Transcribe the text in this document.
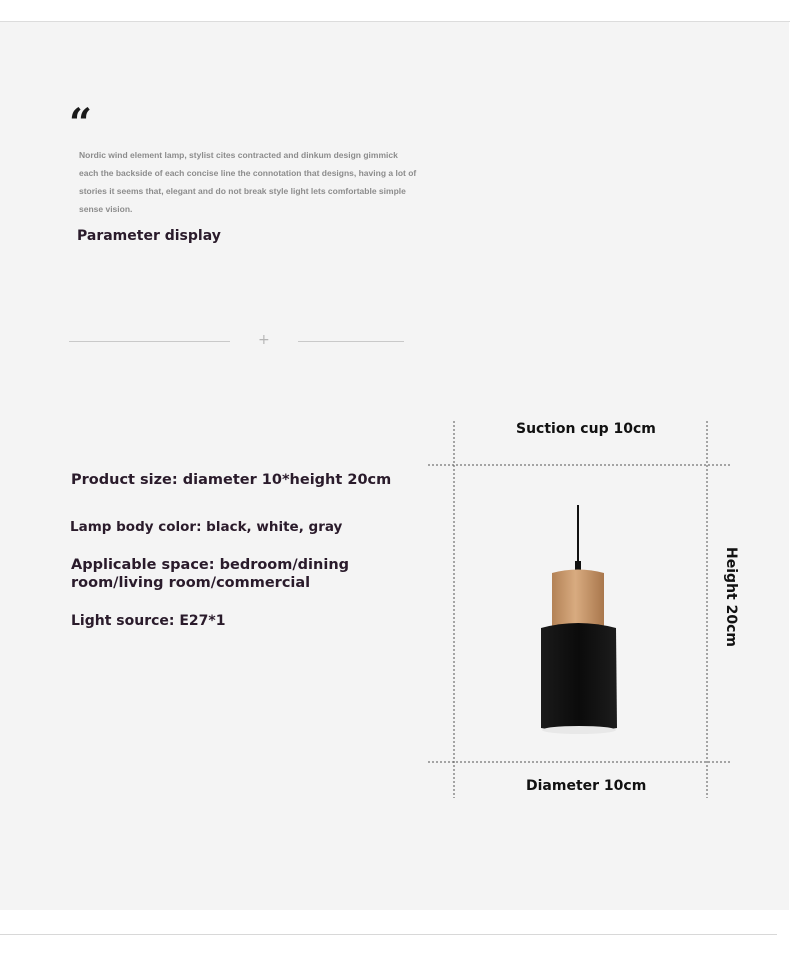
“
Nordic wind element lamp, stylist cites contracted and dinkum design gimmick each the backside of each concise line the connotation that designs, having a lot of stories it seems that, elegant and do not break style light lets comfortable simple sense vision.
Parameter display
+
Product size: diameter 10*height 20cm
Lamp body color: black, white, gray
Applicable space: bedroom/dining room/living room/commercial
Light source: E27*1
Suction cup 10cm
Height 20cm
Diameter 10cm
